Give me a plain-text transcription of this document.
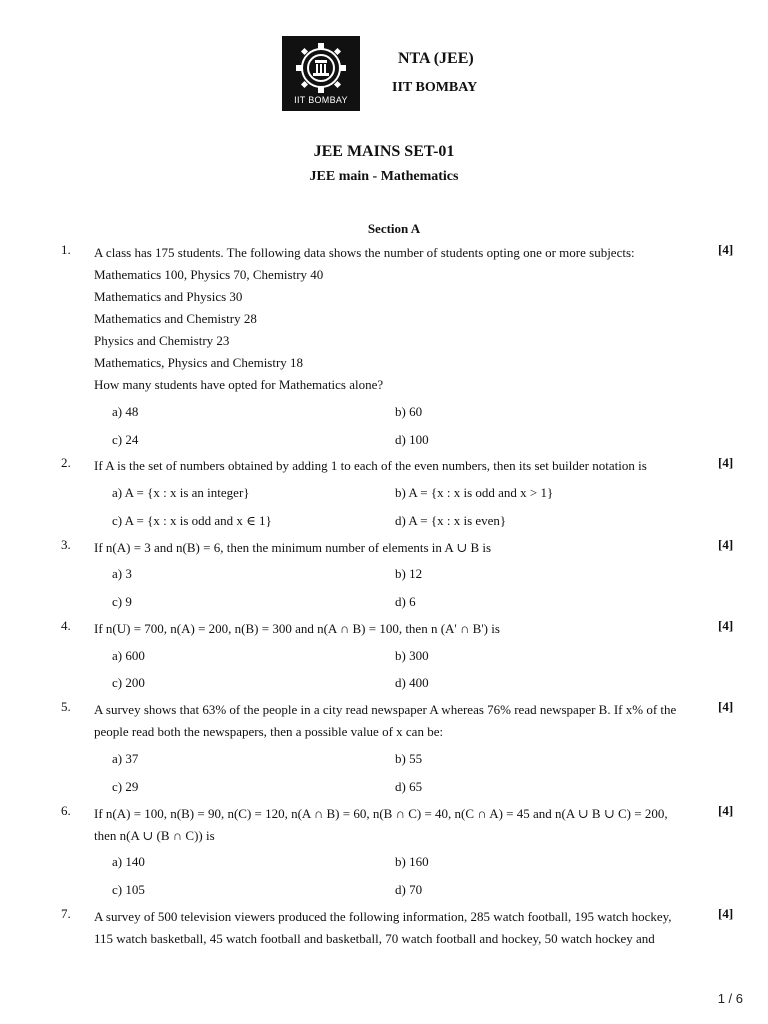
IIT BOMBAY
NTA (JEE)
IIT BOMBAY
JEE MAINS SET-01
JEE main - Mathematics
Section A
1. A class has 175 students. The following data shows the number of students opting one or more subjects:
Mathematics 100, Physics 70, Chemistry 40
Mathematics and Physics 30
Mathematics and Chemistry 28
Physics and Chemistry 23
Mathematics, Physics and Chemistry 18
How many students have opted for Mathematics alone?
[4]
a) 48	b) 60
c) 24	d) 100
2. If A is the set of numbers obtained by adding 1 to each of the even numbers, then its set builder notation is	[4]
a) A = {x : x is an integer}	b) A = {x : x is odd and x > 1}
c) A = {x : x is odd and x ∈ 1}	d) A = {x : x is even}
3. If n(A) = 3 and n(B) = 6, then the minimum number of elements in A ∪ B is	[4]
a) 3	b) 12
c) 9	d) 6
4. If n(U) = 700, n(A) = 200, n(B) = 300 and n(A ∩ B) = 100, then n (A' ∩ B') is	[4]
a) 600	b) 300
c) 200	d) 400
5. A survey shows that 63% of the people in a city read newspaper A whereas 76% read newspaper B. If x% of the
people read both the newspapers, then a possible value of x can be:
[4]
a) 37	b) 55
c) 29	d) 65
6. If n(A) = 100, n(B) = 90, n(C) = 120, n(A ∩ B) = 60, n(B ∩ C) = 40, n(C ∩ A) = 45 and n(A ∪ B ∪ C) = 200,
then n(A ∪ (B ∩ C)) is
[4]
a) 140	b) 160
c) 105	d) 70
7. A survey of 500 television viewers produced the following information, 285 watch football, 195 watch hockey,
115 watch basketball, 45 watch football and basketball, 70 watch football and hockey, 50 watch hockey and
[4]
1 / 6
